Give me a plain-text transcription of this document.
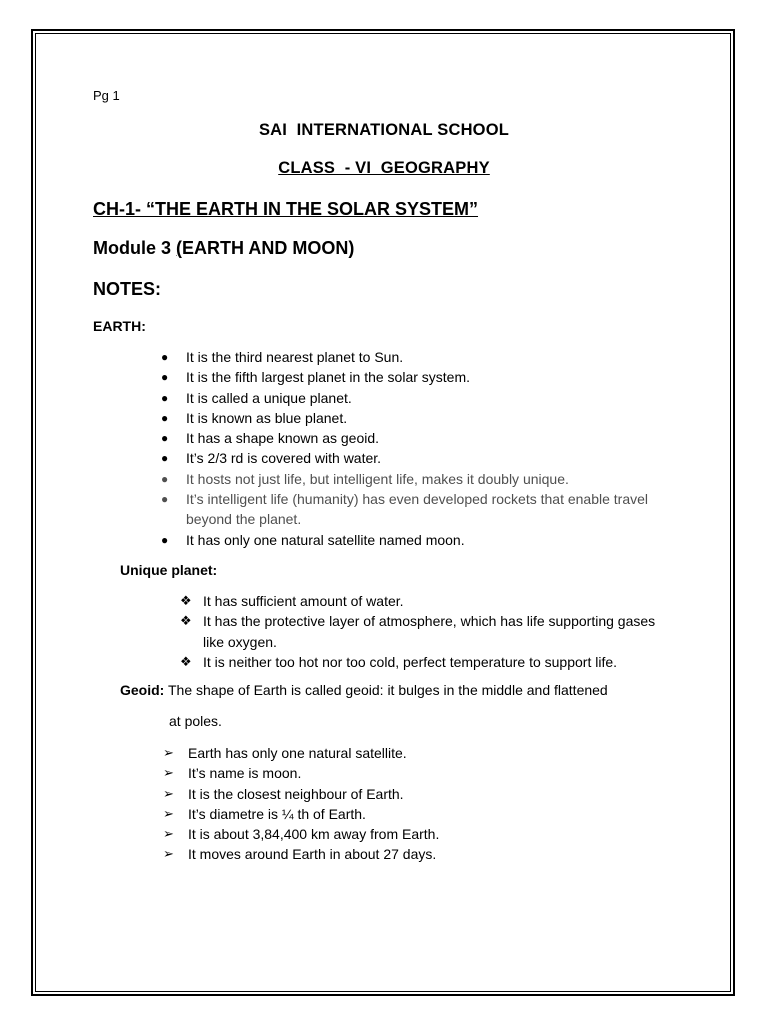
Pg 1
SAI  INTERNATIONAL SCHOOL
CLASS  - VI  GEOGRAPHY
CH-1- “THE EARTH IN THE SOLAR SYSTEM”
Module 3 (EARTH AND MOON)
NOTES:
EARTH:
● It is the third nearest planet to Sun.
● It is the fifth largest planet in the solar system.
● It is called a unique planet.
● It is known as blue planet.
● It has a shape known as geoid.
● It’s 2/3 rd is covered with water.
● It hosts not just life, but intelligent life, makes it doubly unique.
● It’s intelligent life (humanity) has even developed rockets that enable travel beyond the planet.
● It has only one natural satellite named moon.
Unique planet:
❖ It has sufficient amount of water.
❖ It has the protective layer of atmosphere, which has life supporting gases like oxygen.
❖ It is neither too hot nor too cold, perfect temperature to support life.
Geoid: The shape of Earth is called geoid: it bulges in the middle and flattened
at poles.
➢ Earth has only one natural satellite.
➢ It’s name is moon.
➢ It is the closest neighbour of Earth.
➢ It’s diametre is ¼ th of Earth.
➢ It is about 3,84,400 km away from Earth.
➢ It moves around Earth in about 27 days.
